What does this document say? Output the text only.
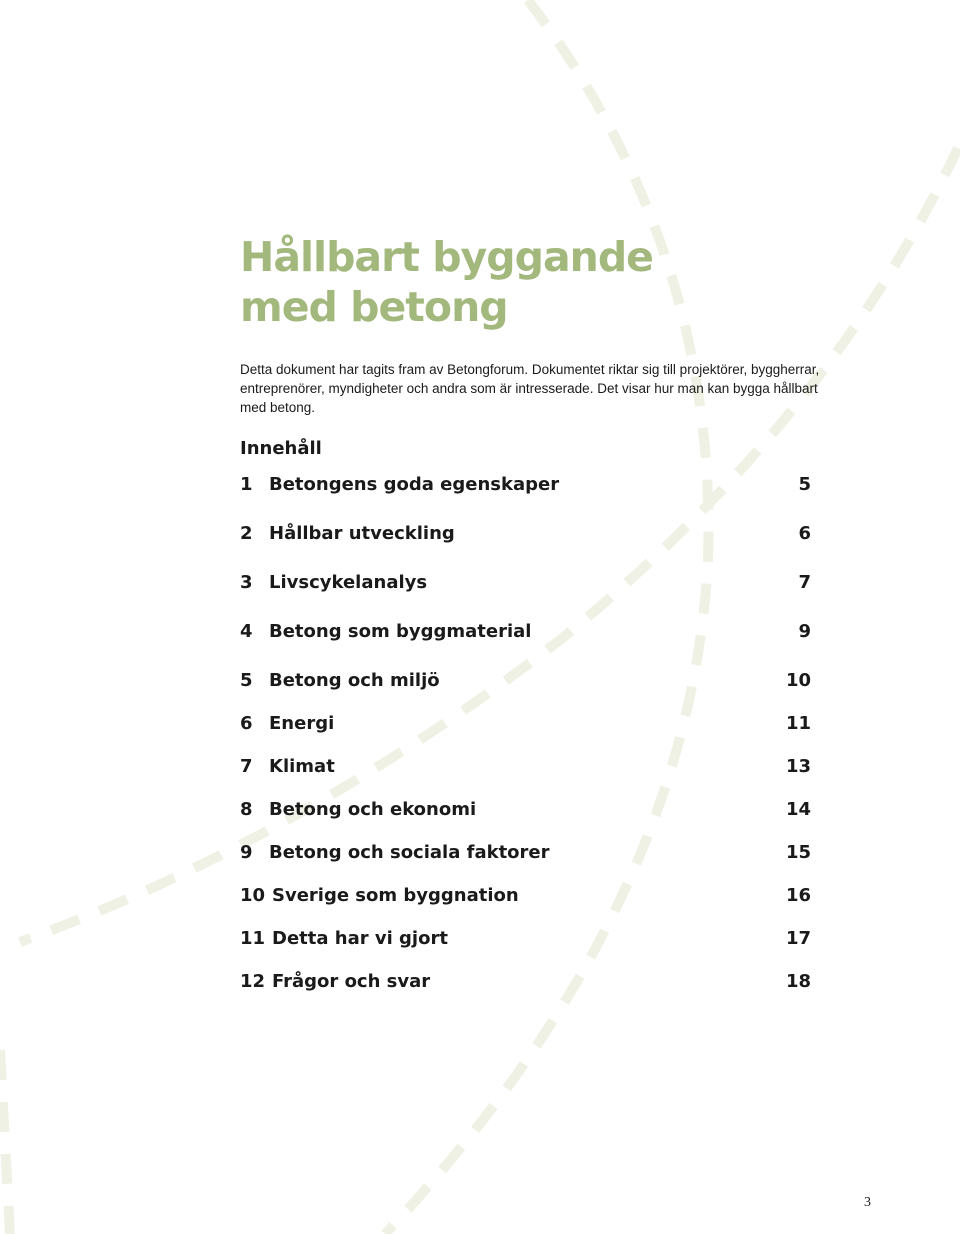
Hållbart byggande
med betong

Detta dokument har tagits fram av Betongforum. Dokumentet riktar sig till projektörer, byggherrar, entreprenörer, myndigheter och andra som är intresserade. Det visar hur man kan bygga hållbart med betong.

Innehåll
1 Betongens goda egenskaper	5
2 Hållbar utveckling	6
3 Livscykelanalys	7
4 Betong som byggmaterial	9
5 Betong och miljö	10
6 Energi	11
7 Klimat	13
8 Betong och ekonomi	14
9 Betong och sociala faktorer	15
10 Sverige som byggnation	16
11 Detta har vi gjort	17
12 Frågor och svar	18
3
